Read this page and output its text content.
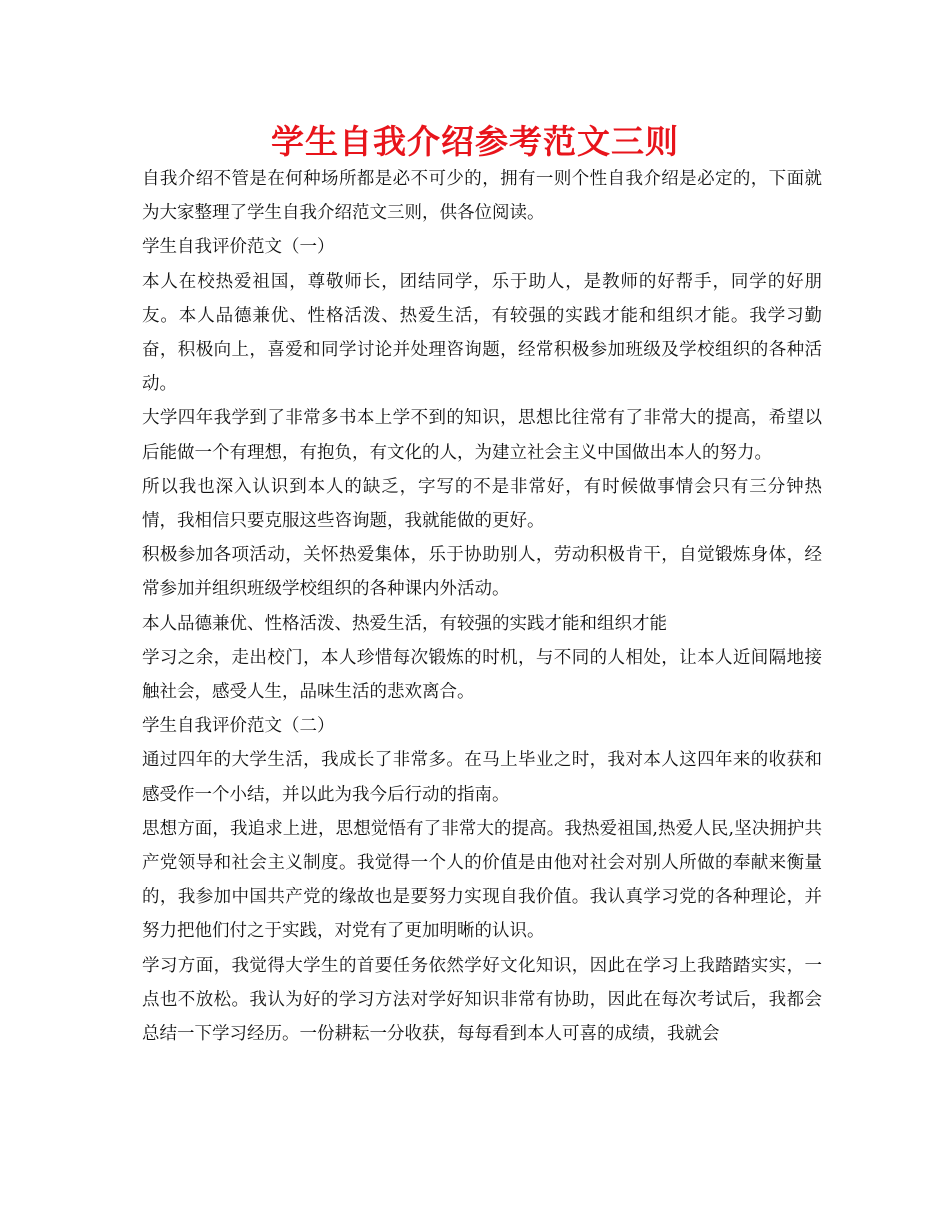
学生自我介绍参考范文三则

自我介绍不管是在何种场所都是必不可少的，拥有一则个性自我介绍是必定的，下面就为大家整理了学生自我介绍范文三则，供各位阅读。

学生自我评价范文（一）

本人在校热爱祖国，尊敬师长，团结同学，乐于助人，是教师的好帮手，同学的好朋友。本人品德兼优、性格活泼、热爱生活，有较强的实践才能和组织才能。我学习勤奋，积极向上，喜爱和同学讨论并处理咨询题，经常积极参加班级及学校组织的各种活动。

大学四年我学到了非常多书本上学不到的知识，思想比往常有了非常大的提高，希望以后能做一个有理想，有抱负，有文化的人，为建立社会主义中国做出本人的努力。

所以我也深入认识到本人的缺乏，字写的不是非常好，有时候做事情会只有三分钟热情，我相信只要克服这些咨询题，我就能做的更好。

积极参加各项活动，关怀热爱集体，乐于协助别人，劳动积极肯干，自觉锻炼身体，经常参加并组织班级学校组织的各种课内外活动。

本人品德兼优、性格活泼、热爱生活，有较强的实践才能和组织才能

学习之余，走出校门，本人珍惜每次锻炼的时机，与不同的人相处，让本人近间隔地接触社会，感受人生，品味生活的悲欢离合。

学生自我评价范文（二）

通过四年的大学生活，我成长了非常多。在马上毕业之时，我对本人这四年来的收获和感受作一个小结，并以此为我今后行动的指南。

思想方面，我追求上进，思想觉悟有了非常大的提高。我热爱祖国,热爱人民,坚决拥护共产党领导和社会主义制度。我觉得一个人的价值是由他对社会对别人所做的奉献来衡量的，我参加中国共产党的缘故也是要努力实现自我价值。我认真学习党的各种理论，并努力把他们付之于实践，对党有了更加明晰的认识。

学习方面，我觉得大学生的首要任务依然学好文化知识，因此在学习上我踏踏实实，一点也不放松。我认为好的学习方法对学好知识非常有协助，因此在每次考试后，我都会总结一下学习经历。一份耕耘一分收获，每每看到本人可喜的成绩，我就会
